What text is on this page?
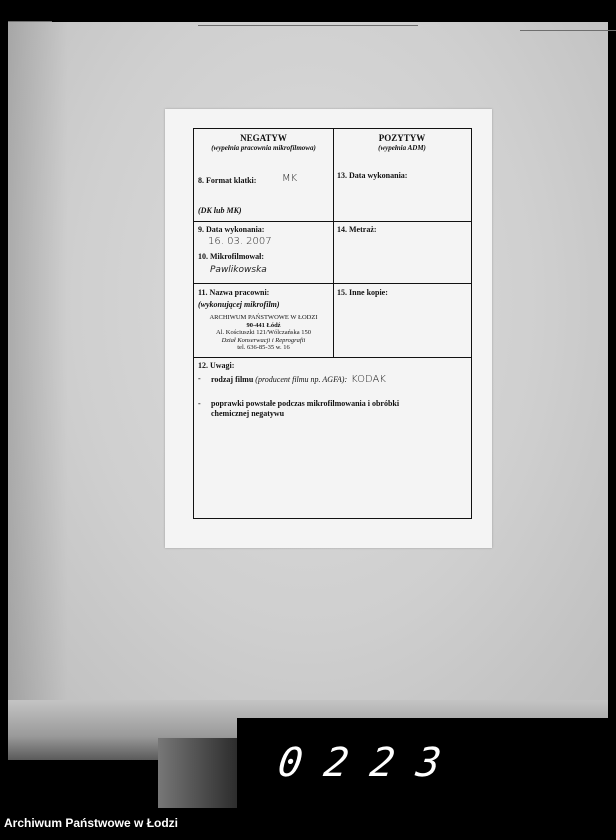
0223
NEGATYW
(wypełnia pracownia mikrofilmowa)
POZYTYW
(wypełnia ADM)
8. Format klatki:	MK
(DK lub MK)
13. Data wykonania:
9. Data wykonania:
16. 03. 2007
10. Mikrofilmował:
Pawlikowska
14. Metraż:
11. Nazwa pracowni:
(wykonującej mikrofilm)
ARCHIWUM PAŃSTWOWE W ŁODZI
90-441 Łódź
Al. Kościuszki 121/Wólczańska 150
Dział Konserwacji i Reprografii
tel. 636-85-35 w. 16
15. Inne kopie:
12. Uwagi:
- rodzaj filmu (producent filmu np. AGFA): KODAK
- poprawki powstałe podczas mikrofilmowania i obróbki
chemicznej negatywu
Archiwum Państwowe w Łodzi
